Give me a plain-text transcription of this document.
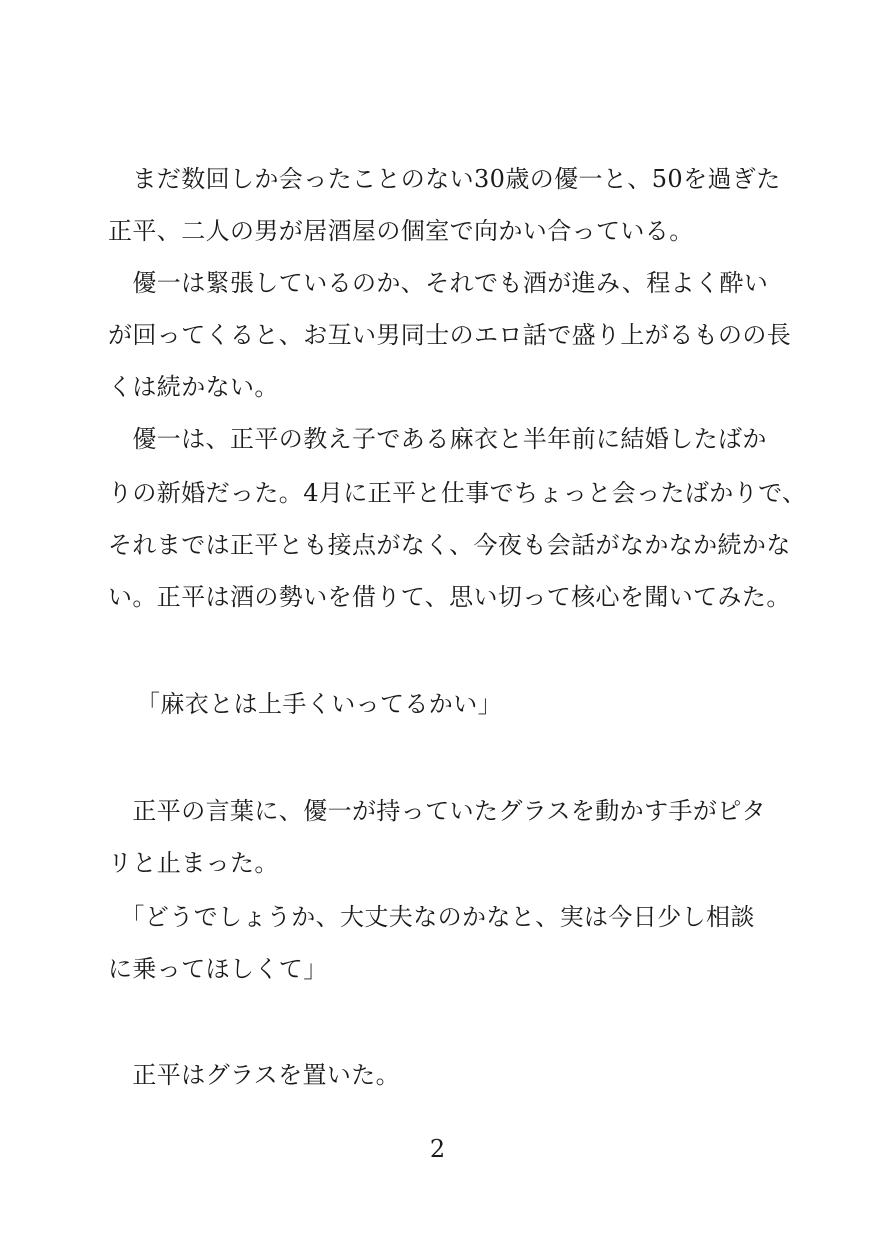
　まだ数回しか会ったことのない30歳の優一と、50を過ぎた
正平、二人の男が居酒屋の個室で向かい合っている。
　優一は緊張しているのか、それでも酒が進み、程よく酔い
が回ってくると、お互い男同士のエロ話で盛り上がるものの長
くは続かない。
　優一は、正平の教え子である麻衣と半年前に結婚したばか
りの新婚だった。4月に正平と仕事でちょっと会ったばかりで、
それまでは正平とも接点がなく、今夜も会話がなかなか続かな
い。正平は酒の勢いを借りて、思い切って核心を聞いてみた。
「麻衣とは上手くいってるかい」
　正平の言葉に、優一が持っていたグラスを動かす手がピタ
リと止まった。
　「どうでしょうか、大丈夫なのかなと、実は今日少し相談
に乗ってほしくて」
　正平はグラスを置いた。
2
